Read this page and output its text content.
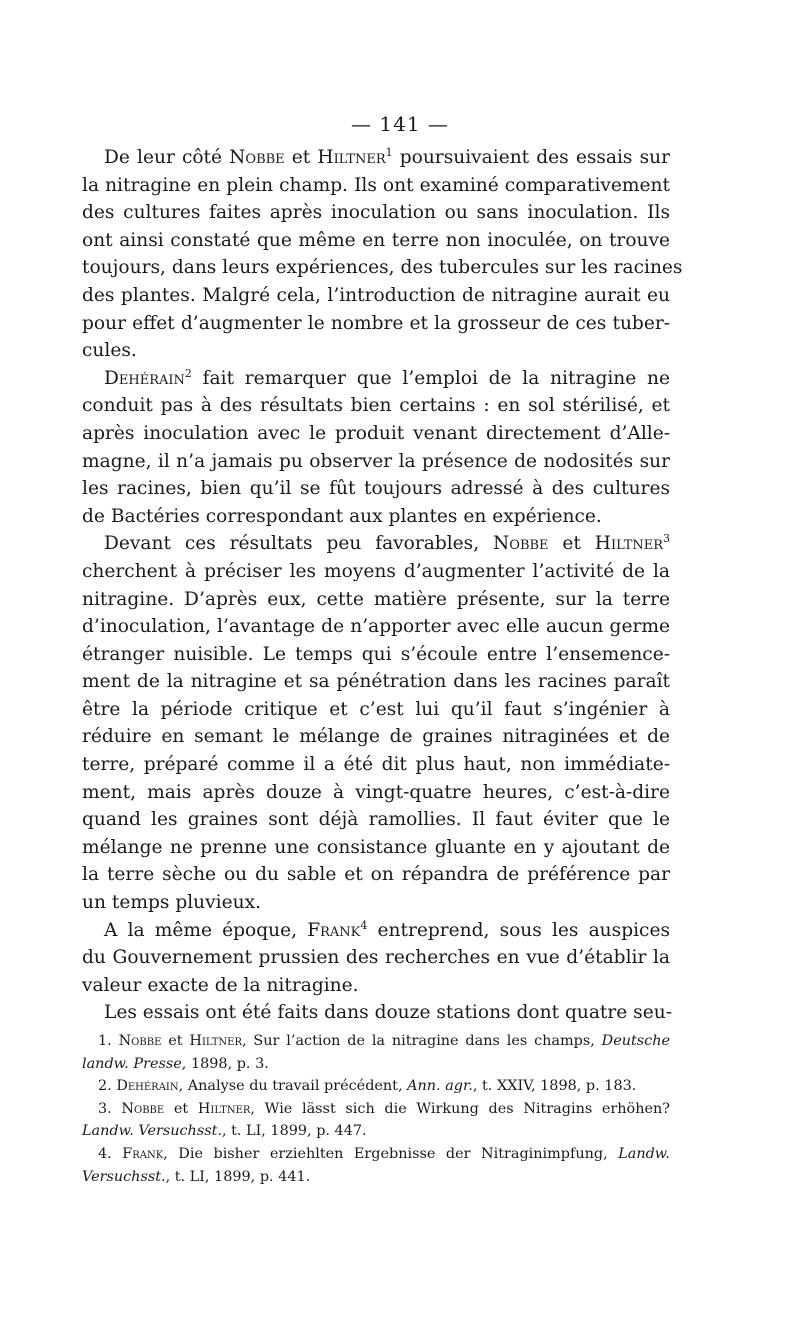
— 141 —
De leur côté Nobbe et Hiltner$^1$ poursuivaient des essais sur
la nitragine en plein champ. Ils ont examiné comparativement
des cultures faites après inoculation ou sans inoculation. Ils
ont ainsi constaté que même en terre non inoculée, on trouve
toujours, dans leurs expériences, des tubercules sur les racines
des plantes. Malgré cela, l’introduction de nitragine aurait eu
pour effet d’augmenter le nombre et la grosseur de ces tuber-
cules.
Dehérain$^2$ fait remarquer que l’emploi de la nitragine ne
conduit pas à des résultats bien certains : en sol stérilisé, et
après inoculation avec le produit venant directement d’Alle-
magne, il n’a jamais pu observer la présence de nodosités sur
les racines, bien qu’il se fût toujours adressé à des cultures
de Bactéries correspondant aux plantes en expérience.
Devant ces résultats peu favorables, Nobbe et Hiltner$^3$
cherchent à préciser les moyens d’augmenter l’activité de la
nitragine. D’après eux, cette matière présente, sur la terre
d’inoculation, l’avantage de n’apporter avec elle aucun germe
étranger nuisible. Le temps qui s’écoule entre l’ensemence-
ment de la nitragine et sa pénétration dans les racines paraît
être la période critique et c’est lui qu’il faut s’ingénier à
réduire en semant le mélange de graines nitraginées et de
terre, préparé comme il a été dit plus haut, non immédiate-
ment, mais après douze à vingt-quatre heures, c’est-à-dire
quand les graines sont déjà ramollies. Il faut éviter que le
mélange ne prenne une consistance gluante en y ajoutant de
la terre sèche ou du sable et on répandra de préférence par
un temps pluvieux.
A la même époque, Frank$^4$ entreprend, sous les auspices
du Gouvernement prussien des recherches en vue d’établir la
valeur exacte de la nitragine.
Les essais ont été faits dans douze stations dont quatre seu-
1. Nobbe et Hiltner, Sur l’action de la nitragine dans les champs, Deutsche
landw. Presse, 1898, p. 3.
2. Dehérain, Analyse du travail précédent, Ann. agr., t. XXIV, 1898, p. 183.
3. Nobbe et Hiltner, Wie lässt sich die Wirkung des Nitragins erhöhen?
Landw. Versuchsst., t. LI, 1899, p. 447.
4. Frank, Die bisher erziehlten Ergebnisse der Nitraginimpfung, Landw.
Versuchsst., t. LI, 1899, p. 441.
